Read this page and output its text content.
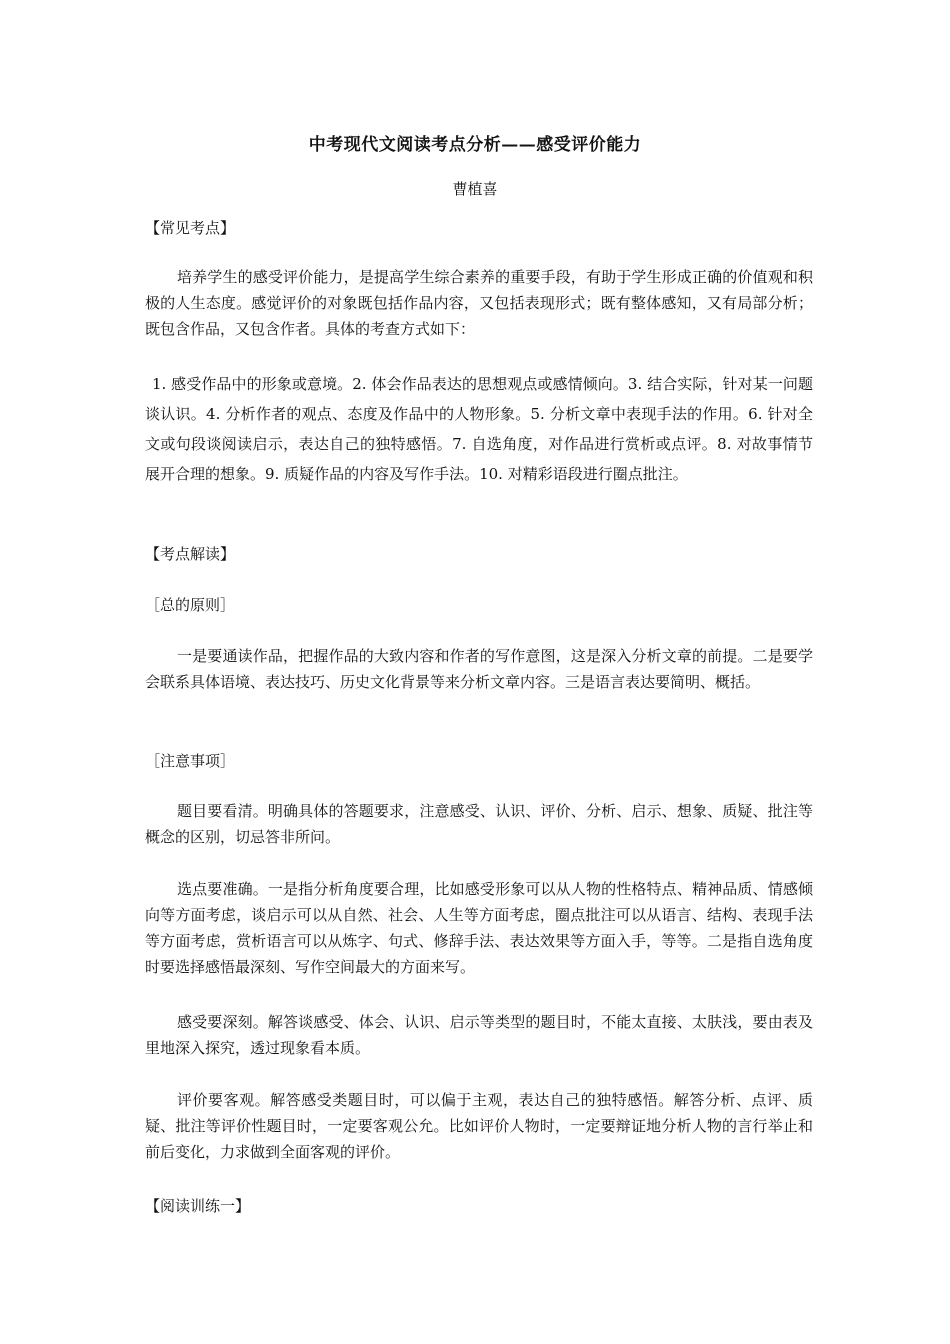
中考现代文阅读考点分析——感受评价能力

曹植喜

【常见考点】

培养学生的感受评价能力，是提高学生综合素养的重要手段，有助于学生形成正确的价值观和积极的人生态度。感觉评价的对象既包括作品内容，又包括表现形式；既有整体感知，又有局部分析；既包含作品，又包含作者。具体的考查方式如下：

1. 感受作品中的形象或意境。2. 体会作品表达的思想观点或感情倾向。3. 结合实际，针对某一问题谈认识。4. 分析作者的观点、态度及作品中的人物形象。5. 分析文章中表现手法的作用。6. 针对全文或句段谈阅读启示，表达自己的独特感悟。7. 自选角度，对作品进行赏析或点评。8. 对故事情节展开合理的想象。9. 质疑作品的内容及写作手法。10. 对精彩语段进行圈点批注。

【考点解读】

［总的原则］

一是要通读作品，把握作品的大致内容和作者的写作意图，这是深入分析文章的前提。二是要学会联系具体语境、表达技巧、历史文化背景等来分析文章内容。三是语言表达要简明、概括。

［注意事项］

题目要看清。明确具体的答题要求，注意感受、认识、评价、分析、启示、想象、质疑、批注等概念的区别，切忌答非所问。

选点要准确。一是指分析角度要合理，比如感受形象可以从人物的性格特点、精神品质、情感倾向等方面考虑，谈启示可以从自然、社会、人生等方面考虑，圈点批注可以从语言、结构、表现手法等方面考虑，赏析语言可以从炼字、句式、修辞手法、表达效果等方面入手，等等。二是指自选角度时要选择感悟最深刻、写作空间最大的方面来写。

感受要深刻。解答谈感受、体会、认识、启示等类型的题目时，不能太直接、太肤浅，要由表及里地深入探究，透过现象看本质。

评价要客观。解答感受类题目时，可以偏于主观，表达自己的独特感悟。解答分析、点评、质疑、批注等评价性题目时，一定要客观公允。比如评价人物时，一定要辩证地分析人物的言行举止和前后变化，力求做到全面客观的评价。

【阅读训练一】
